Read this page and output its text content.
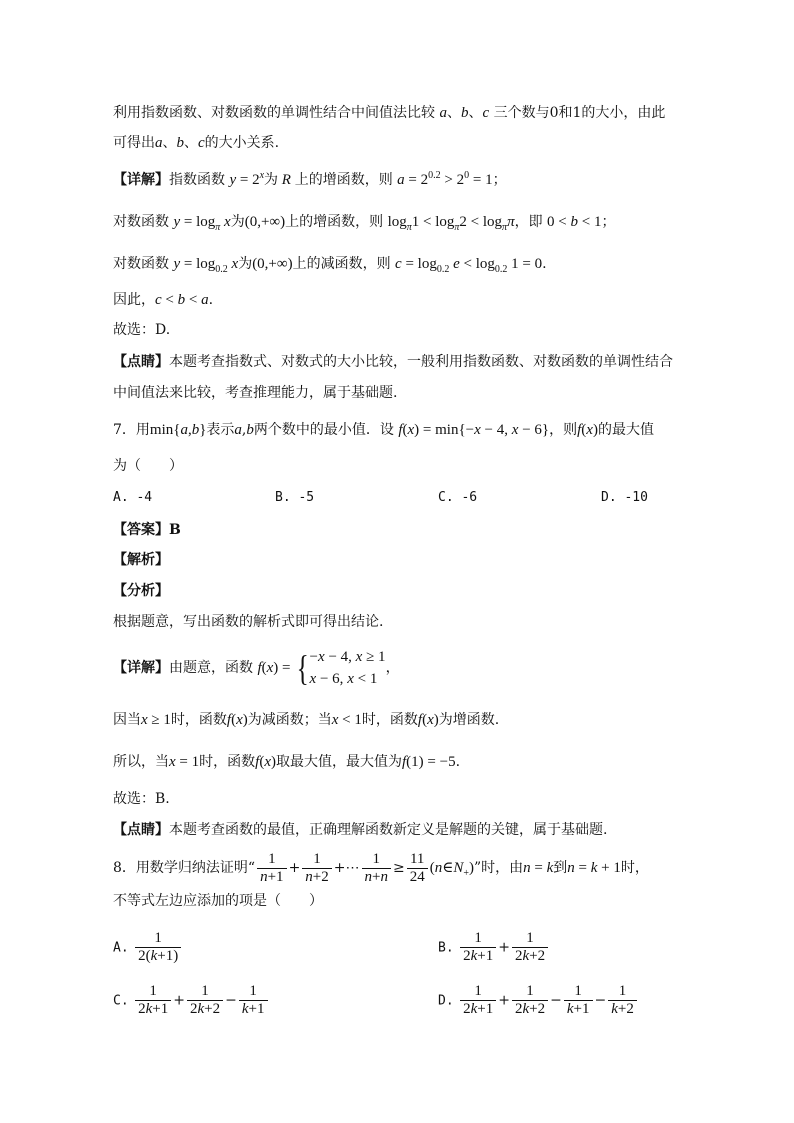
利用指数函数、对数函数的单调性结合中间值法比较 a、b、c 三个数与0和1的大小，由此
可得出a、b、c的大小关系.
【详解】指数函数 $y = 2^x$为 R 上的增函数，则 $a = 2^{0.2} > 2^0 = 1$；
对数函数 $y = \log_\pi x$为(0,+∞)上的增函数，则 $\log_\pi 1 < \log_\pi 2 < \log_\pi\pi$，即 0 < b < 1；
对数函数 $y = \log_{0.2} x$为(0,+∞)上的减函数，则 $c = \log_{0.2} e < \log_{0.2} 1 = 0$.
因此，c < b < a.
故选：D.
【点睛】本题考查指数式、对数式的大小比较，一般利用指数函数、对数函数的单调性结合
中间值法来比较，考查推理能力，属于基础题.
7．用min{a,b}表示a,b两个数中的最小值．设 f(x) = min{−x − 4, x − 6}，则f(x)的最大值
为（　　）
A. -4	B. -5	C. -6	D. -10
【答案】B
【解析】
【分析】
根据题意，写出函数的解析式即可得出结论.
【详解】由题意，函数 f(x) = {−x − 4, x ≥ 1
x − 6, x < 1，
因当x ≥ 1时，函数f(x)为减函数；当x < 1时，函数f(x)为增函数.
所以，当x = 1时，函数f(x)取最大值，最大值为f(1) = −5.
故选：B.
【点睛】本题考查函数的最值，正确理解函数新定义是解题的关键，属于基础题.
8．用数学归纳法证明“ $\frac{1}{n+1} + \frac{1}{n+2}$ +⋯ $\frac{1}{n+n} \ge \frac{11}{24}$ $(n\in N_+)$”时，由n = k到n = k + 1时，
不等式左边应添加的项是（　　）
A. $\frac{1}{2(k+1)}$	B. $\frac{1}{2k+1} + \frac{1}{2k+2}$
C. $\frac{1}{2k+1} + \frac{1}{2k+2} - \frac{1}{k+1}$	D. $\frac{1}{2k+1} + \frac{1}{2k+2} - \frac{1}{k+1} - \frac{1}{k+2}$
